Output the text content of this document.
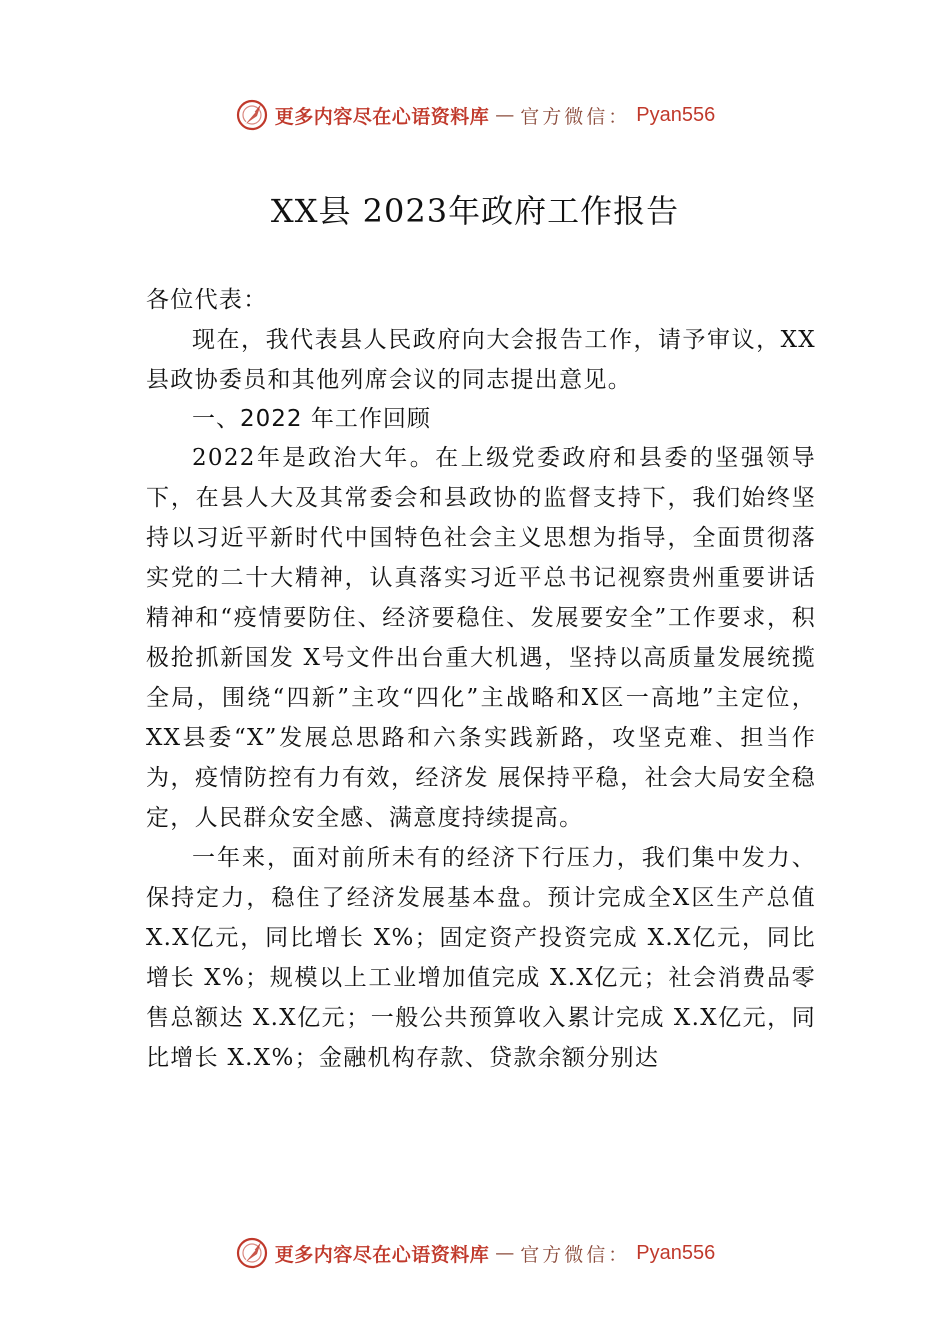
更多内容尽在心语资料库 — 官方微信： Pyan556
XX县 2023年政府工作报告

各位代表：

现在，我代表县人民政府向大会报告工作，请予审议，XX县政协委员和其他列席会议的同志提出意见。

一、2022 年工作回顾

2022年是政治大年。在上级党委政府和县委的坚强领导下，在县人大及其常委会和县政协的监督支持下，我们始终坚持以习近平新时代中国特色社会主义思想为指导，全面贯彻落实党的二十大精神，认真落实习近平总书记视察贵州重要讲话精神和“疫情要防住、经济要稳住、发展要安全”工作要求，积极抢抓新国发 X号文件出台重大机遇，坚持以高质量发展统揽全局，围绕“四新”主攻“四化”主战略和X区一高地”主定位，XX县委“X”发展总思路和六条实践新路，攻坚克难、担当作为，疫情防控有力有效，经济发 展保持平稳，社会大局安全稳定，人民群众安全感、满意度持续提高。

一年来，面对前所未有的经济下行压力，我们集中发力、保持定力，稳住了经济发展基本盘。预计完成全X区生产总值 X.X亿元，同比增长 X%；固定资产投资完成 X.X亿元，同比增长 X%；规模以上工业增加值完成 X.X亿元；社会消费品零售总额达 X.X亿元；一般公共预算收入累计完成 X.X亿元，同比增长 X.X%；金融机构存款、贷款余额分别达

更多内容尽在心语资料库 — 官方微信： Pyan556
